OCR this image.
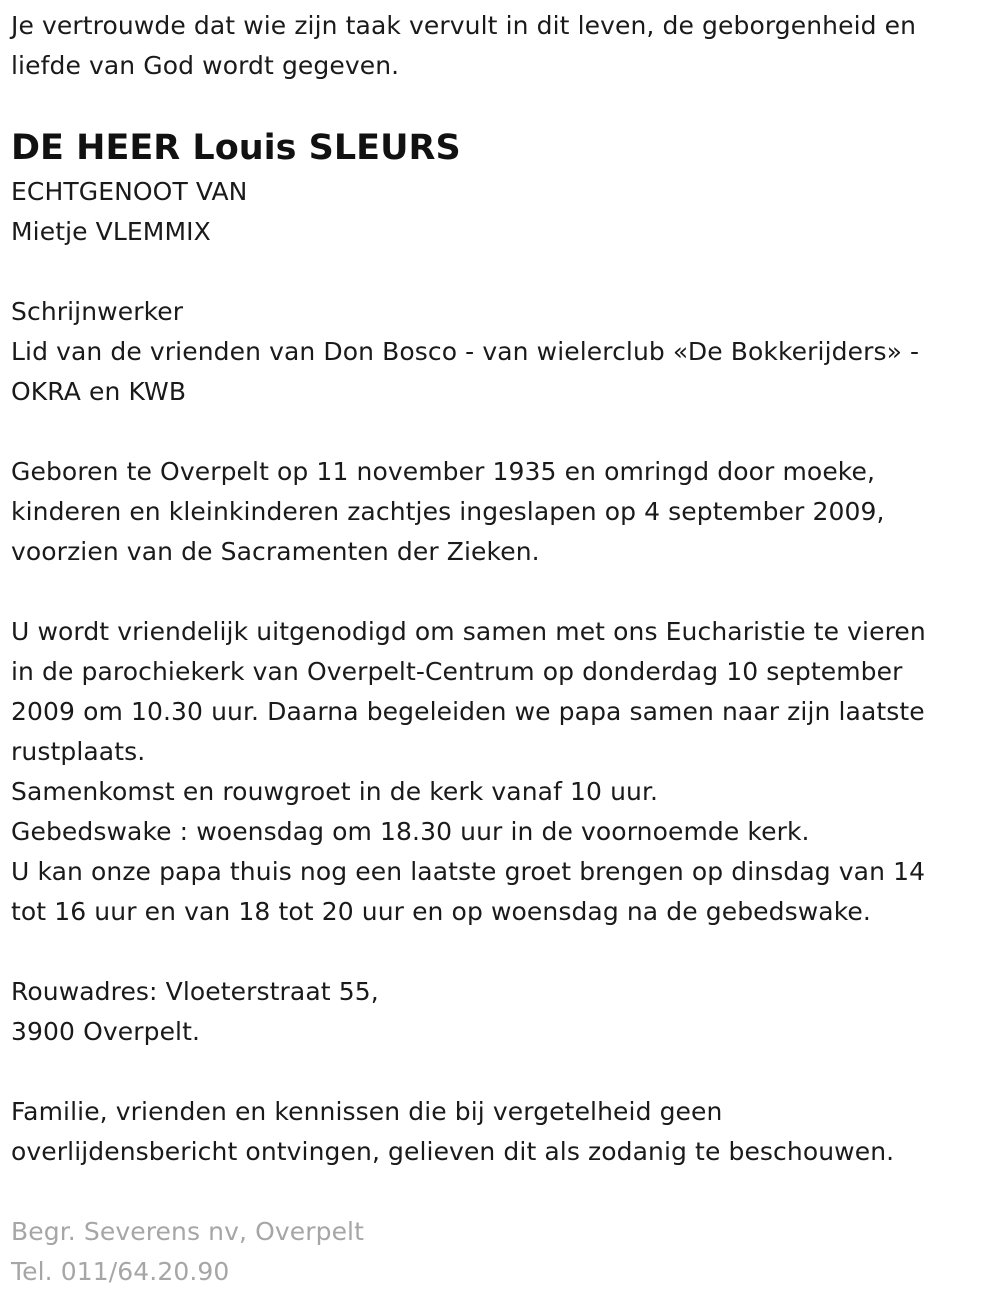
Je vertrouwde dat wie zijn taak vervult in dit leven, de geborgenheid en
liefde van God wordt gegeven.
DE HEER Louis SLEURS
ECHTGENOOT VAN
Mietje VLEMMIX
Schrijnwerker
Lid van de vrienden van Don Bosco - van wielerclub «De Bokkerijders» -
OKRA en KWB
Geboren te Overpelt op 11 november 1935 en omringd door moeke,
kinderen en kleinkinderen zachtjes ingeslapen op 4 september 2009,
voorzien van de Sacramenten der Zieken.
U wordt vriendelijk uitgenodigd om samen met ons Eucharistie te vieren
in de parochiekerk van Overpelt-Centrum op donderdag 10 september
2009 om 10.30 uur. Daarna begeleiden we papa samen naar zijn laatste
rustplaats.
Samenkomst en rouwgroet in de kerk vanaf 10 uur.
Gebedswake : woensdag om 18.30 uur in de voornoemde kerk.
U kan onze papa thuis nog een laatste groet brengen op dinsdag van 14
tot 16 uur en van 18 tot 20 uur en op woensdag na de gebedswake.
Rouwadres: Vloeterstraat 55,
3900 Overpelt.
Familie, vrienden en kennissen die bij vergetelheid geen
overlijdensbericht ontvingen, gelieven dit als zodanig te beschouwen.
Begr. Severens nv, Overpelt
Tel. 011/64.20.90
